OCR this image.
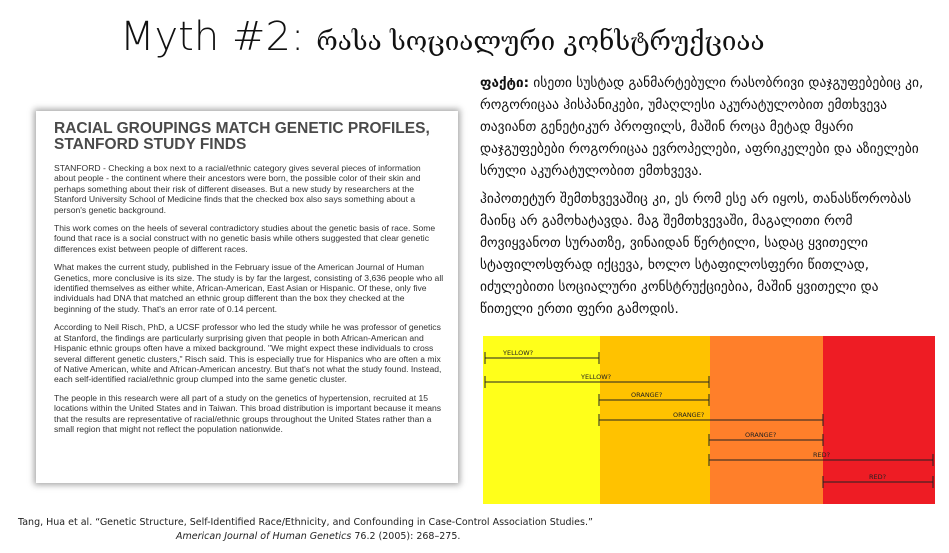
Myth #2: რასა სოციალური კონსტრუქციაა
RACIAL GROUPINGS MATCH GENETIC PROFILES, STANFORD STUDY FINDS

STANFORD - Checking a box next to a racial/ethnic category gives several pieces of information about people - the continent where their ancestors were born, the possible color of their skin and perhaps something about their risk of different diseases. But a new study by researchers at the Stanford University School of Medicine finds that the checked box also says something about a person's genetic background.

This work comes on the heels of several contradictory studies about the genetic basis of race. Some found that race is a social construct with no genetic basis while others suggested that clear genetic differences exist between people of different races.

What makes the current study, published in the February issue of the American Journal of Human Genetics, more conclusive is its size. The study is by far the largest, consisting of 3,636 people who all identified themselves as either white, African-American, East Asian or Hispanic. Of these, only five individuals had DNA that matched an ethnic group different than the box they checked at the beginning of the study. That's an error rate of 0.14 percent.

According to Neil Risch, PhD, a UCSF professor who led the study while he was professor of genetics at Stanford, the findings are particularly surprising given that people in both African-American and Hispanic ethnic groups often have a mixed background. "We might expect these individuals to cross several different genetic clusters," Risch said. This is especially true for Hispanics who are often a mix of Native American, white and African-American ancestry. But that's not what the study found. Instead, each self-identified racial/ethnic group clumped into the same genetic cluster.

The people in this research were all part of a study on the genetics of hypertension, recruited at 15 locations within the United States and in Taiwan. This broad distribution is important because it means that the results are representative of racial/ethnic groups throughout the United States rather than a small region that might not reflect the population nationwide.

ფაქტი: ისეთი სუსტად განმარტებული რასობრივი დაჯგუფებებიც კი, როგორიცაა ჰისპანიკები, უმაღლესი აკურატულობით ემთხვევა თავიანთ გენეტიკურ პროფილს, მაშინ როცა მეტად მყარი დაჯგუფებები როგორიცაა ევროპელები, აფრიკელები და აზიელები სრული აკურატულობით ემთხვევა.

ჰიპოთეტურ შემთხვევაშიც კი, ეს რომ ესე არ იყოს, თანასწორობას მაინც არ გამოხატავდა. მაგ შემთხვევაში, მაგალითი რომ მოვიყვანოთ სურათზე, ვინაიდან წერტილი, სადაც ყვითელი სტაფილოსფრად იქცევა, ხოლო სტაფილოსფერი წითლად, იძულებითი სოციალური კონსტრუქციებია, მაშინ ყვითელი და წითელი ერთი ფერი გამოდის.

YELLOW?
YELLOW?
ORANGE?
ORANGE?
ORANGE?
RED?
RED?
Tang, Hua et al. “Genetic Structure, Self-Identified Race/Ethnicity, and Confounding in Case-Control Association Studies.”
American Journal of Human Genetics 76.2 (2005): 268–275.
